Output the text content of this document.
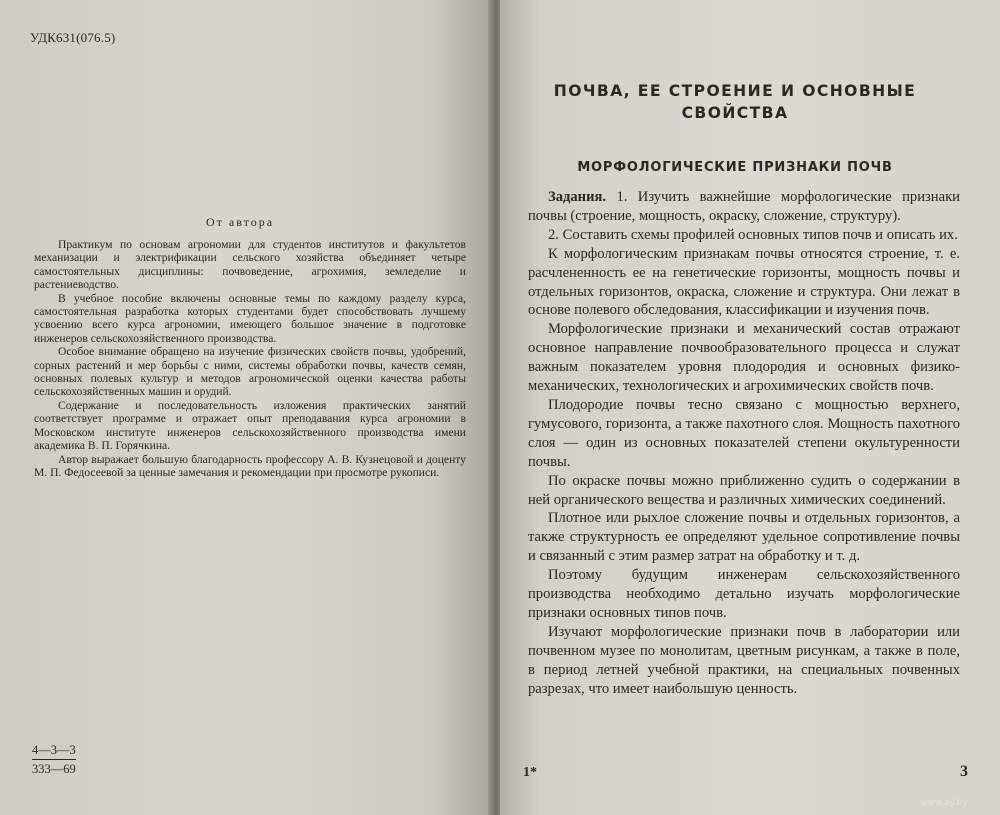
УДК631(076.5)
От автора

Практикум по основам агрономии для студентов институтов и факультетов механизации и электрификации сельского хозяйства объединяет четыре самостоятельных дисциплины: почвоведение, агрохимия, земледелие и растениеводство.

В учебное пособие включены основные темы по каждому разделу курса, самостоятельная разработка которых студентами будет способствовать лучшему усвоению всего курса агрономии, имеющего большое значение в подготовке инженеров сельскохозяйственного производства.

Особое внимание обращено на изучение физических свойств почвы, удобрений, сорных растений и мер борьбы с ними, системы обработки почвы, качеств семян, основных полевых культур и методов агрономической оценки качества работы сельскохозяйственных машин и орудий.

Содержание и последовательность изложения практических занятий соответствует программе и отражает опыт преподавания курса агрономии в Московском институте инженеров сельскохозяйственного производства имени академика В. П. Горячкина.

Автор выражает большую благодарность профессору А. В. Кузнецовой и доценту М. П. Федосеевой за ценные замечания и рекомендации при просмотре рукописи.

4—3—3
333—69
ПОЧВА, ЕЕ СТРОЕНИЕ И ОСНОВНЫЕ СВОЙСТВА
МОРФОЛОГИЧЕСКИЕ ПРИЗНАКИ ПОЧВ

Задания. 1. Изучить важнейшие морфологические признаки почвы (строение, мощность, окраску, сложение, структуру).

2. Составить схемы профилей основных типов почв и описать их.

К морфологическим признакам почвы относятся строение, т. е. расчлененность ее на генетические горизонты, мощность почвы и отдельных горизонтов, окраска, сложение и структура. Они лежат в основе полевого обследования, классификации и изучения почв.

Морфологические признаки и механический состав отражают основное направление почвообразовательного процесса и служат важным показателем уровня плодородия и основных физико-механических, технологических и агрохимических свойств почв.

Плодородие почвы тесно связано с мощностью верхнего, гумусового, горизонта, а также пахотного слоя. Мощность пахотного слоя — один из основных показателей степени окультуренности почвы.

По окраске почвы можно приближенно судить о содержании в ней органического вещества и различных химических соединений.

Плотное или рыхлое сложение почвы и отдельных горизонтов, а также структурность ее определяют удельное сопротивление почвы и связанный с этим размер затрат на обработку и т. д.

Поэтому будущим инженерам сельскохозяйственного производства необходимо детально изучать морфологические признаки основных типов почв.

Изучают морфологические признаки почв в лаборатории или почвенном музее по монолитам, цветным рисункам, а также в поле, в период летней учебной практики, на специальных почвенных разрезах, что имеет наибольшую ценность.

1*	3
www.ay.by
